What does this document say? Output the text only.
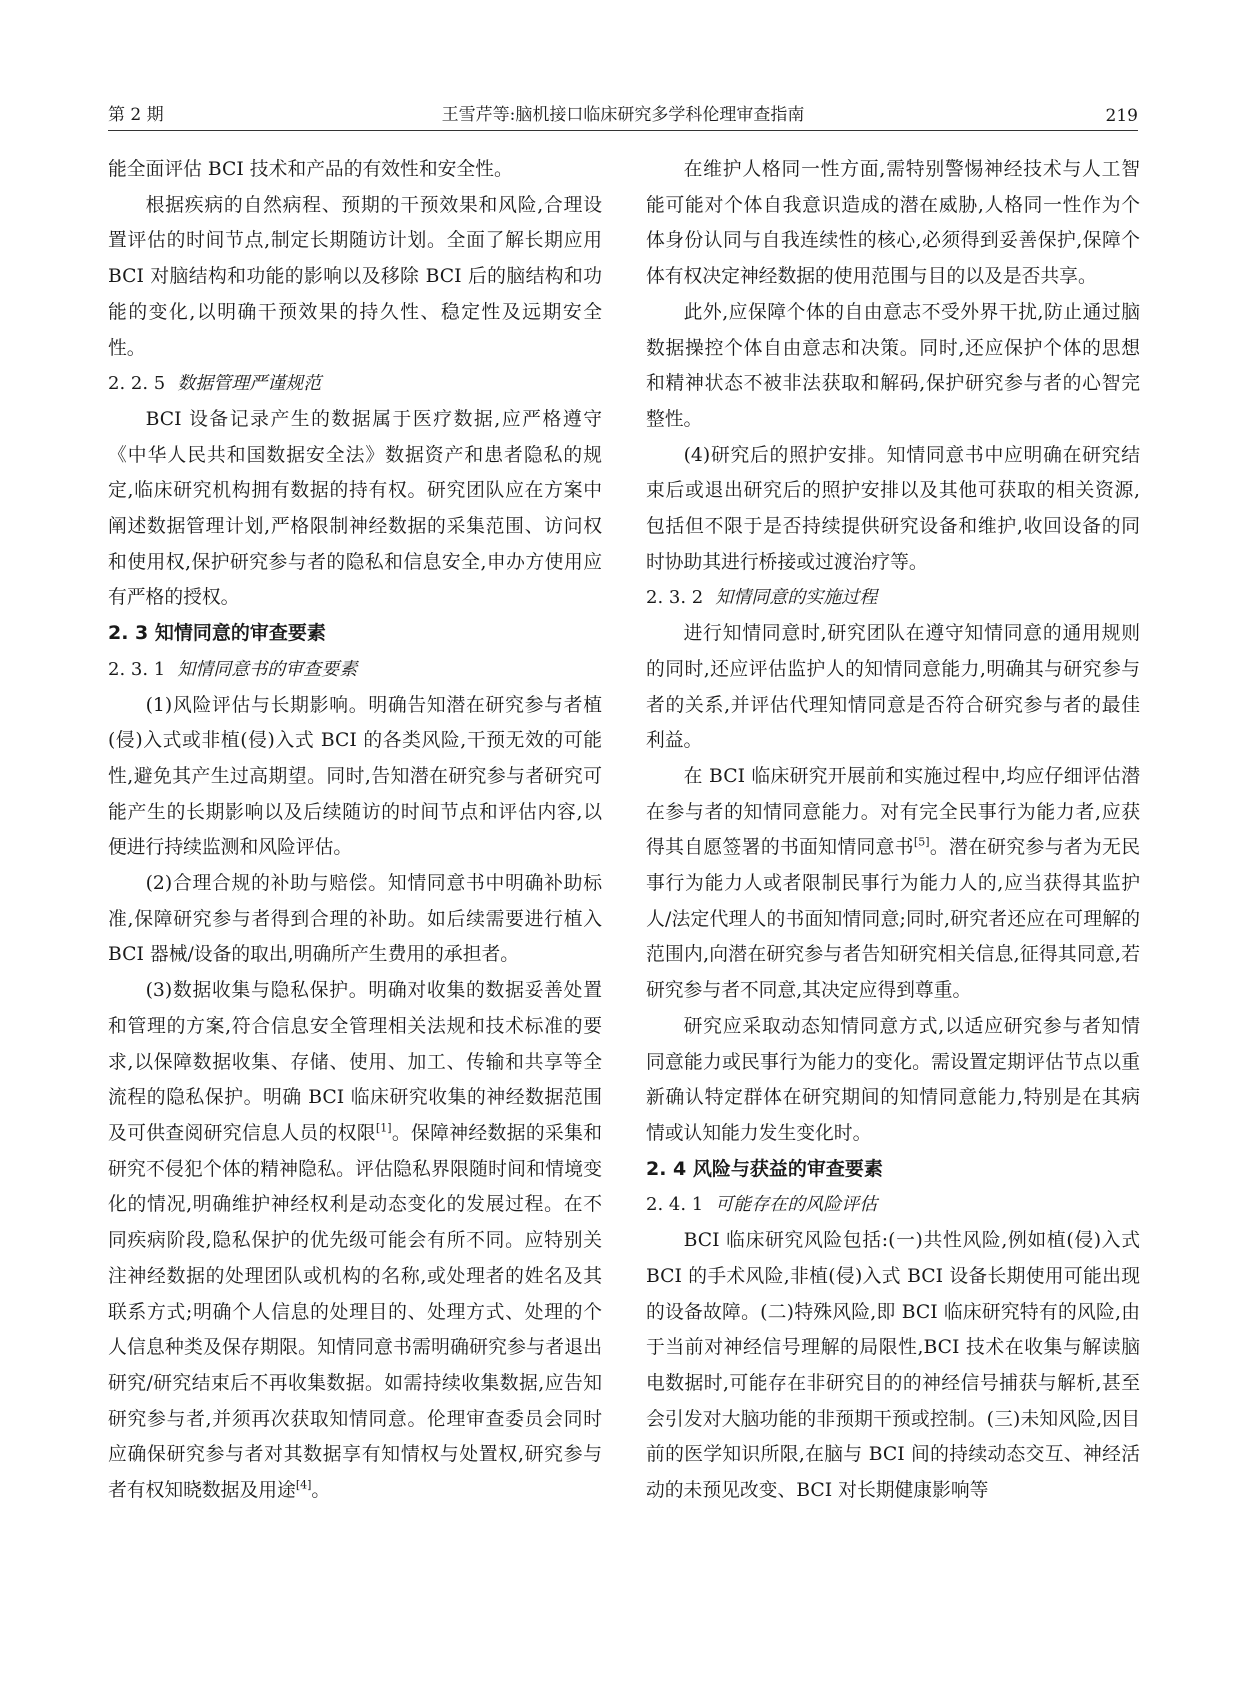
第 2 期	王雪芹等:脑机接口临床研究多学科伦理审查指南	219

能全面评估 BCI 技术和产品的有效性和安全性。

根据疾病的自然病程、预期的干预效果和风险,合理设置评估的时间节点,制定长期随访计划。全面了解长期应用 BCI 对脑结构和功能的影响以及移除 BCI 后的脑结构和功能的变化,以明确干预效果的持久性、稳定性及远期安全性。

2. 2. 5 数据管理严谨规范

BCI 设备记录产生的数据属于医疗数据,应严格遵守《中华人民共和国数据安全法》数据资产和患者隐私的规定,临床研究机构拥有数据的持有权。研究团队应在方案中阐述数据管理计划,严格限制神经数据的采集范围、访问权和使用权,保护研究参与者的隐私和信息安全,申办方使用应有严格的授权。

2. 3 知情同意的审查要素

2. 3. 1 知情同意书的审查要素

(1)风险评估与长期影响。明确告知潜在研究参与者植(侵)入式或非植(侵)入式 BCI 的各类风险,干预无效的可能性,避免其产生过高期望。同时,告知潜在研究参与者研究可能产生的长期影响以及后续随访的时间节点和评估内容,以便进行持续监测和风险评估。

(2)合理合规的补助与赔偿。知情同意书中明确补助标准,保障研究参与者得到合理的补助。如后续需要进行植入 BCI 器械/设备的取出,明确所产生费用的承担者。

(3)数据收集与隐私保护。明确对收集的数据妥善处置和管理的方案,符合信息安全管理相关法规和技术标准的要求,以保障数据收集、存储、使用、加工、传输和共享等全流程的隐私保护。明确 BCI 临床研究收集的神经数据范围及可供查阅研究信息人员的权限[1]。保障神经数据的采集和研究不侵犯个体的精神隐私。评估隐私界限随时间和情境变化的情况,明确维护神经权利是动态变化的发展过程。在不同疾病阶段,隐私保护的优先级可能会有所不同。应特别关注神经数据的处理团队或机构的名称,或处理者的姓名及其联系方式;明确个人信息的处理目的、处理方式、处理的个人信息种类及保存期限。知情同意书需明确研究参与者退出研究/研究结束后不再收集数据。如需持续收集数据,应告知研究参与者,并须再次获取知情同意。伦理审查委员会同时应确保研究参与者对其数据享有知情权与处置权,研究参与者有权知晓数据及用途[4]。

在维护人格同一性方面,需特别警惕神经技术与人工智能可能对个体自我意识造成的潜在威胁,人格同一性作为个体身份认同与自我连续性的核心,必须得到妥善保护,保障个体有权决定神经数据的使用范围与目的以及是否共享。

此外,应保障个体的自由意志不受外界干扰,防止通过脑数据操控个体自由意志和决策。同时,还应保护个体的思想和精神状态不被非法获取和解码,保护研究参与者的心智完整性。

(4)研究后的照护安排。知情同意书中应明确在研究结束后或退出研究后的照护安排以及其他可获取的相关资源,包括但不限于是否持续提供研究设备和维护,收回设备的同时协助其进行桥接或过渡治疗等。

2. 3. 2 知情同意的实施过程

进行知情同意时,研究团队在遵守知情同意的通用规则的同时,还应评估监护人的知情同意能力,明确其与研究参与者的关系,并评估代理知情同意是否符合研究参与者的最佳利益。

在 BCI 临床研究开展前和实施过程中,均应仔细评估潜在参与者的知情同意能力。对有完全民事行为能力者,应获得其自愿签署的书面知情同意书[5]。潜在研究参与者为无民事行为能力人或者限制民事行为能力人的,应当获得其监护人/法定代理人的书面知情同意;同时,研究者还应在可理解的范围内,向潜在研究参与者告知研究相关信息,征得其同意,若研究参与者不同意,其决定应得到尊重。

研究应采取动态知情同意方式,以适应研究参与者知情同意能力或民事行为能力的变化。需设置定期评估节点以重新确认特定群体在研究期间的知情同意能力,特别是在其病情或认知能力发生变化时。

2. 4 风险与获益的审查要素

2. 4. 1 可能存在的风险评估

BCI 临床研究风险包括:(一)共性风险,例如植(侵)入式 BCI 的手术风险,非植(侵)入式 BCI 设备长期使用可能出现的设备故障。(二)特殊风险,即 BCI 临床研究特有的风险,由于当前对神经信号理解的局限性,BCI 技术在收集与解读脑电数据时,可能存在非研究目的的神经信号捕获与解析,甚至会引发对大脑功能的非预期干预或控制。(三)未知风险,因目前的医学知识所限,在脑与 BCI 间的持续动态交互、神经活动的未预见改变、BCI 对长期健康影响等
